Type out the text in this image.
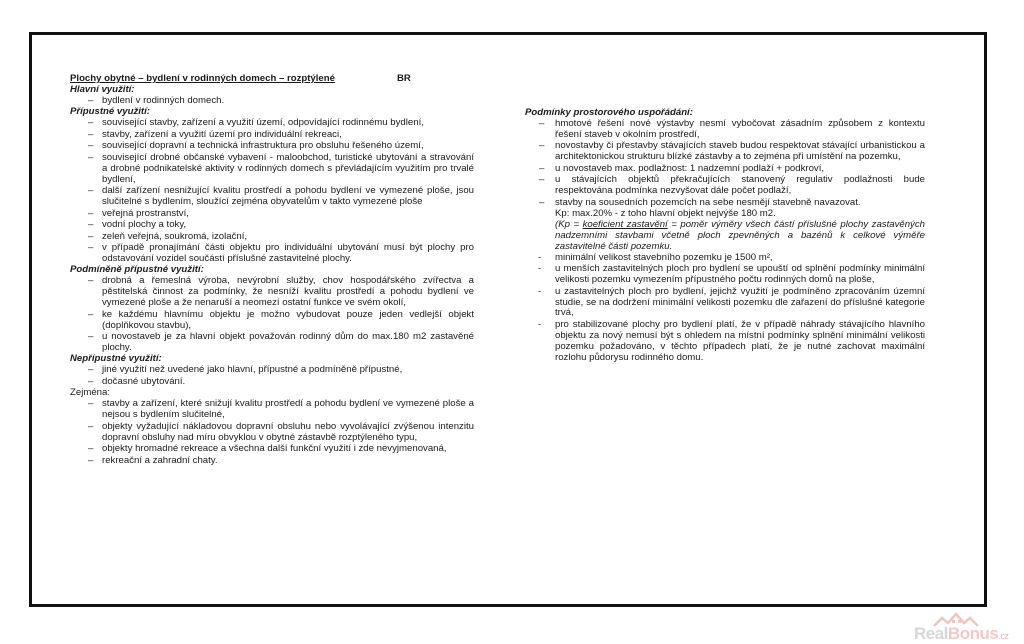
Plochy obytné – bydlení v rodinných domech – rozptýlené	BR
Hlavní využití:
– bydlení v rodinných domech.
Přípustné využití:
– související stavby, zařízení a využití území, odpovídající rodinnému bydlení,
– stavby, zařízení a využití území pro individuální rekreaci,
– související dopravní a technická infrastruktura pro obsluhu řešeného území,
– související drobné občanské vybavení - maloobchod, turistické ubytování a stravování a drobné podnikatelské aktivity v rodinných domech s převládajícím využitím pro trvalé bydlení,
– další zařízení nesnižující kvalitu prostředí a pohodu bydlení ve vymezené ploše, jsou slučitelné s bydlením, sloužící zejména obyvatelům v takto vymezené ploše
– veřejná prostranství,
– vodní plochy a toky,
– zeleň veřejná, soukromá, izolační,
– v případě pronajímání části objektu pro individuální ubytování musí být plochy pro odstavování vozidel součástí příslušné zastavitelné plochy.
Podmíněně přípustné využití:
– drobná a řemeslná výroba, nevýrobní služby, chov hospodářského zvířectva a pěstitelská činnost za podmínky, že nesníží kvalitu prostředí a pohodu bydlení ve vymezené ploše a že nenaruší a neomezí ostatní funkce ve svém okolí,
– ke každému hlavnímu objektu je možno vybudovat pouze jeden vedlejší objekt (doplňkovou stavbu),
– u novostaveb je za hlavní objekt považován rodinný dům do max.180 m2 zastavěné plochy.
Nepřípustné využití:
– jiné využití než uvedené jako hlavní, přípustné a podmíněně přípustné,
– dočasné ubytování.
Zejména:
– stavby a zařízení, které snižují kvalitu prostředí a pohodu bydlení ve vymezené ploše a nejsou s bydlením slučitelné,
– objekty vyžadující nákladovou dopravní obsluhu nebo vyvolávající zvýšenou intenzitu dopravní obsluhy nad míru obvyklou v obytné zástavbě rozptýleného typu,
– objekty hromadné rekreace a všechna další funkční využití i zde nevyjmenovaná,
– rekreační a zahradní chaty.
Podmínky prostorového uspořádání:
– hmotové řešení nové výstavby nesmí vybočovat zásadním způsobem z kontextu řešení staveb v okolním prostředí,
– novostavby či přestavby stávajících staveb budou respektovat stávající urbanistickou a architektonickou strukturu blízké zástavby a to zejména při umístění na pozemku,
– u novostaveb max. podlažnost: 1 nadzemní podlaží + podkroví,
– u stávajících objektů překračujících stanovený regulativ podlažnosti bude respektována podmínka nezvyšovat dále počet podlaží,
– stavby na sousedních pozemcích na sebe nesmějí stavebně navazovat.
Kp: max.20% - z toho hlavní objekt nejvýše 180 m2.
(Kp = koeficient zastavění = poměr výměry všech částí příslušné plochy zastavěných nadzemními stavbami včetně ploch zpevněných a bazénů k celkové výměře zastavitelné části pozemku.
- minimální velikost stavebního pozemku je 1500 m²,
- u menších zastavitelných ploch pro bydlení se upouští od splnění podmínky minimální velikosti pozemku vymezením přípustného počtu rodinných domů na ploše,
- u zastavitelných ploch pro bydlení, jejichž využití je podmíněno zpracováním územní studie, se na dodržení minimální velikosti pozemku dle zařazení do příslušné kategorie trvá,
- pro stabilizované plochy pro bydlení platí, že v případě náhrady stávajícího hlavního objektu za nový nemusí být s ohledem na místní podmínky splnění minimální velikosti pozemku požadováno, v těchto případech platí, že je nutné zachovat maximální rozlohu půdorysu rodinného domu.
RealBonus.cz
